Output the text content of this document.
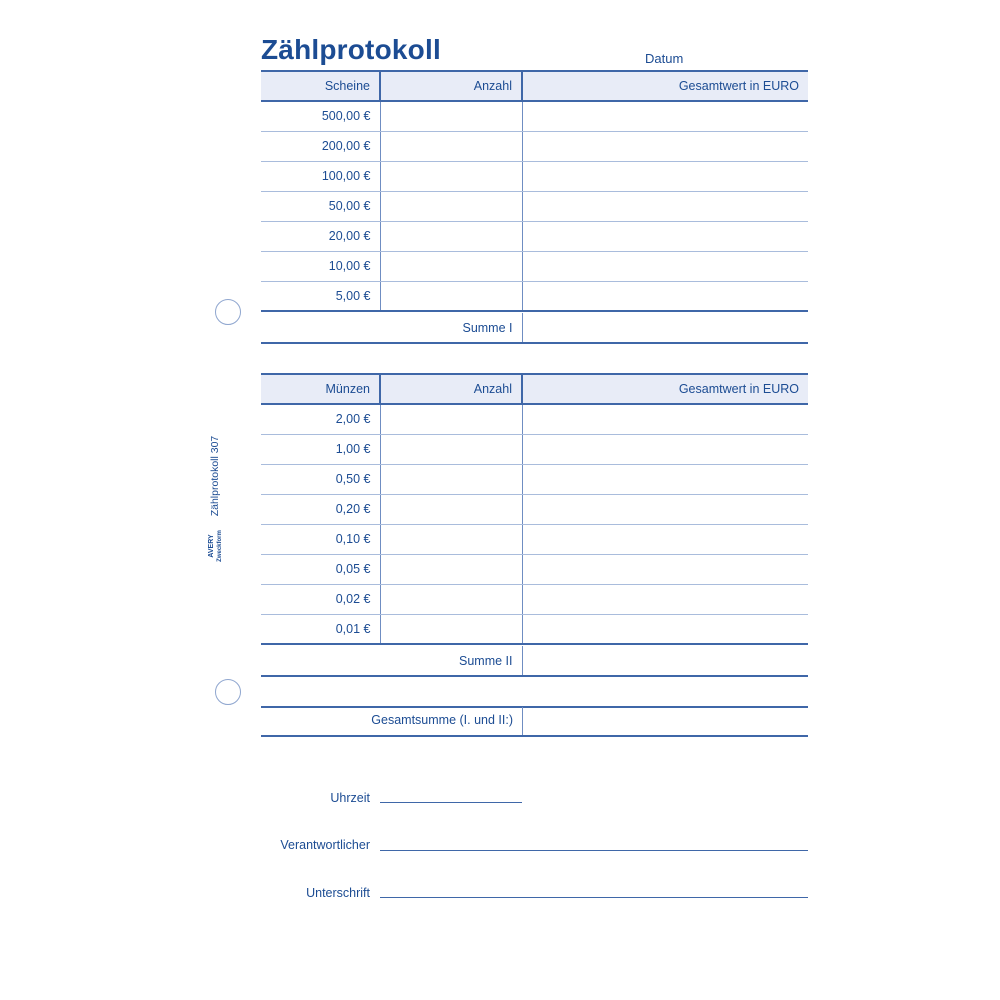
Zählprotokoll	Datum
Scheine	Anzahl	Gesamtwert in EURO
500,00 €		
200,00 €		
100,00 €		
50,00 €		
20,00 €		
10,00 €		
5,00 €		
	Summe I	
Münzen	Anzahl	Gesamtwert in EURO
2,00 €		
1,00 €		
0,50 €		
0,20 €		
0,10 €		
0,05 €		
0,02 €		
0,01 €		
	Summe II	
Gesamtsumme (I. und II:)
Uhrzeit
Verantwortlicher
Unterschrift
Zählprotokoll 307
AVERY Zweckform
